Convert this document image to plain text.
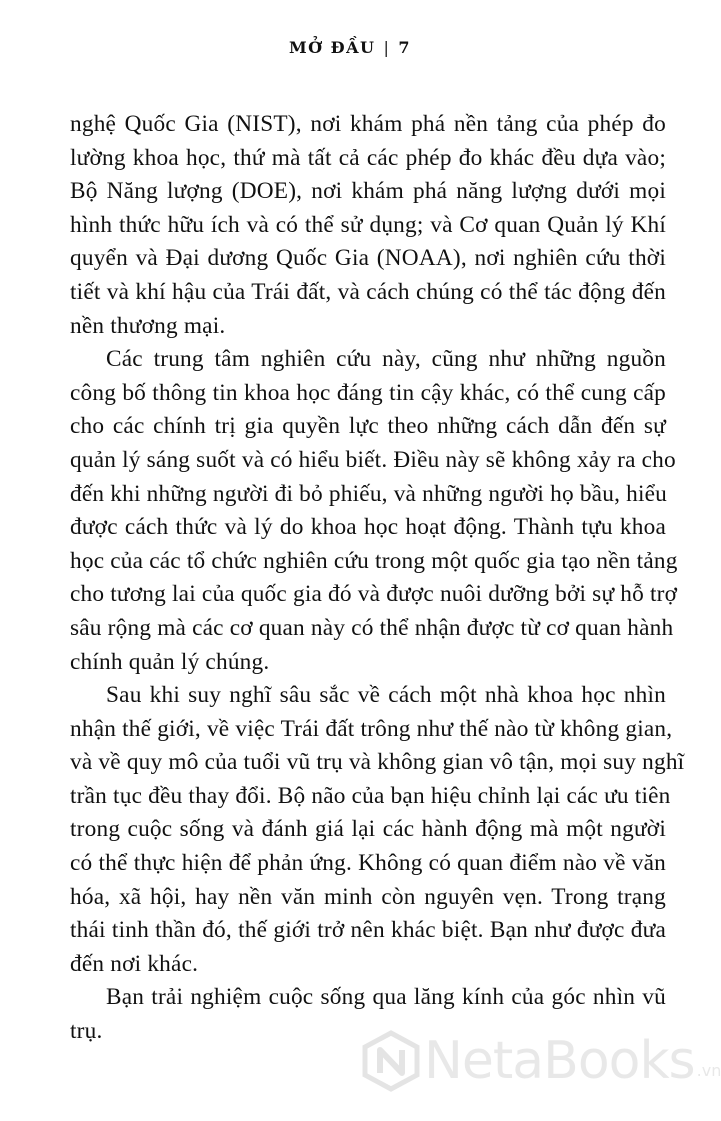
MỞ ĐẦU | 7

nghệ Quốc Gia (NIST), nơi khám phá nền tảng của phép đo
lường khoa học, thứ mà tất cả các phép đo khác đều dựa vào;
Bộ Năng lượng (DOE), nơi khám phá năng lượng dưới mọi
hình thức hữu ích và có thể sử dụng; và Cơ quan Quản lý Khí
quyển và Đại dương Quốc Gia (NOAA), nơi nghiên cứu thời
tiết và khí hậu của Trái đất, và cách chúng có thể tác động đến
nền thương mại.

Các trung tâm nghiên cứu này, cũng như những nguồn
công bố thông tin khoa học đáng tin cậy khác, có thể cung cấp
cho các chính trị gia quyền lực theo những cách dẫn đến sự
quản lý sáng suốt và có hiểu biết. Điều này sẽ không xảy ra cho
đến khi những người đi bỏ phiếu, và những người họ bầu, hiểu
được cách thức và lý do khoa học hoạt động. Thành tựu khoa
học của các tổ chức nghiên cứu trong một quốc gia tạo nền tảng
cho tương lai của quốc gia đó và được nuôi dưỡng bởi sự hỗ trợ
sâu rộng mà các cơ quan này có thể nhận được từ cơ quan hành
chính quản lý chúng.

Sau khi suy nghĩ sâu sắc về cách một nhà khoa học nhìn
nhận thế giới, về việc Trái đất trông như thế nào từ không gian,
và về quy mô của tuổi vũ trụ và không gian vô tận, mọi suy nghĩ
trần tục đều thay đổi. Bộ não của bạn hiệu chỉnh lại các ưu tiên
trong cuộc sống và đánh giá lại các hành động mà một người
có thể thực hiện để phản ứng. Không có quan điểm nào về văn
hóa, xã hội, hay nền văn minh còn nguyên vẹn. Trong trạng
thái tinh thần đó, thế giới trở nên khác biệt. Bạn như được đưa
đến nơi khác.

Bạn trải nghiệm cuộc sống qua lăng kính của góc nhìn vũ
trụ.	NetaBooks .vn
